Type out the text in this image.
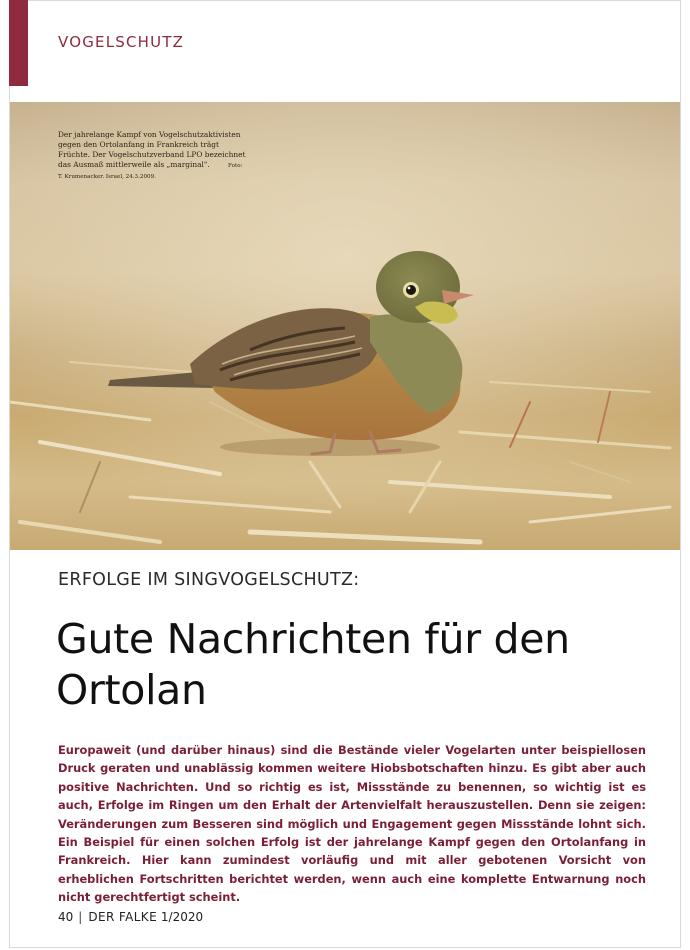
VOGELSCHUTZ
Der jahrelange Kampf von Vogelschutzaktivisten gegen den Ortolanfang in Frankreich trägt Früchte. Der Vogelschutzverband LPO bezeichnet das Ausmaß mittlerweile als „marginal".	Foto: T. Krumenacker. Israel, 24.3.2009.
ERFOLGE IM SINGVOGELSCHUTZ:
Gute Nachrichten für den
Ortolan

Europaweit (und darüber hinaus) sind die Bestände vieler Vogelarten unter beispiellosen Druck geraten und unablässig kommen weitere Hiobsbotschaften hinzu. Es gibt aber auch positive Nachrichten. Und so richtig es ist, Missstände zu benennen, so wichtig ist es auch, Erfolge im Ringen um den Erhalt der Artenvielfalt herauszustellen. Denn sie zeigen: Veränderungen zum Besseren sind möglich und Engagement gegen Missstände lohnt sich. Ein Beispiel für einen solchen Erfolg ist der jahrelange Kampf gegen den Ortolanfang in Frankreich. Hier kann zumindest vorläufig und mit aller gebotenen Vorsicht von erheblichen Fortschritten berichtet werden, wenn auch eine komplette Entwarnung noch nicht gerechtfertigt scheint.

40 | DER FALKE 1/2020
